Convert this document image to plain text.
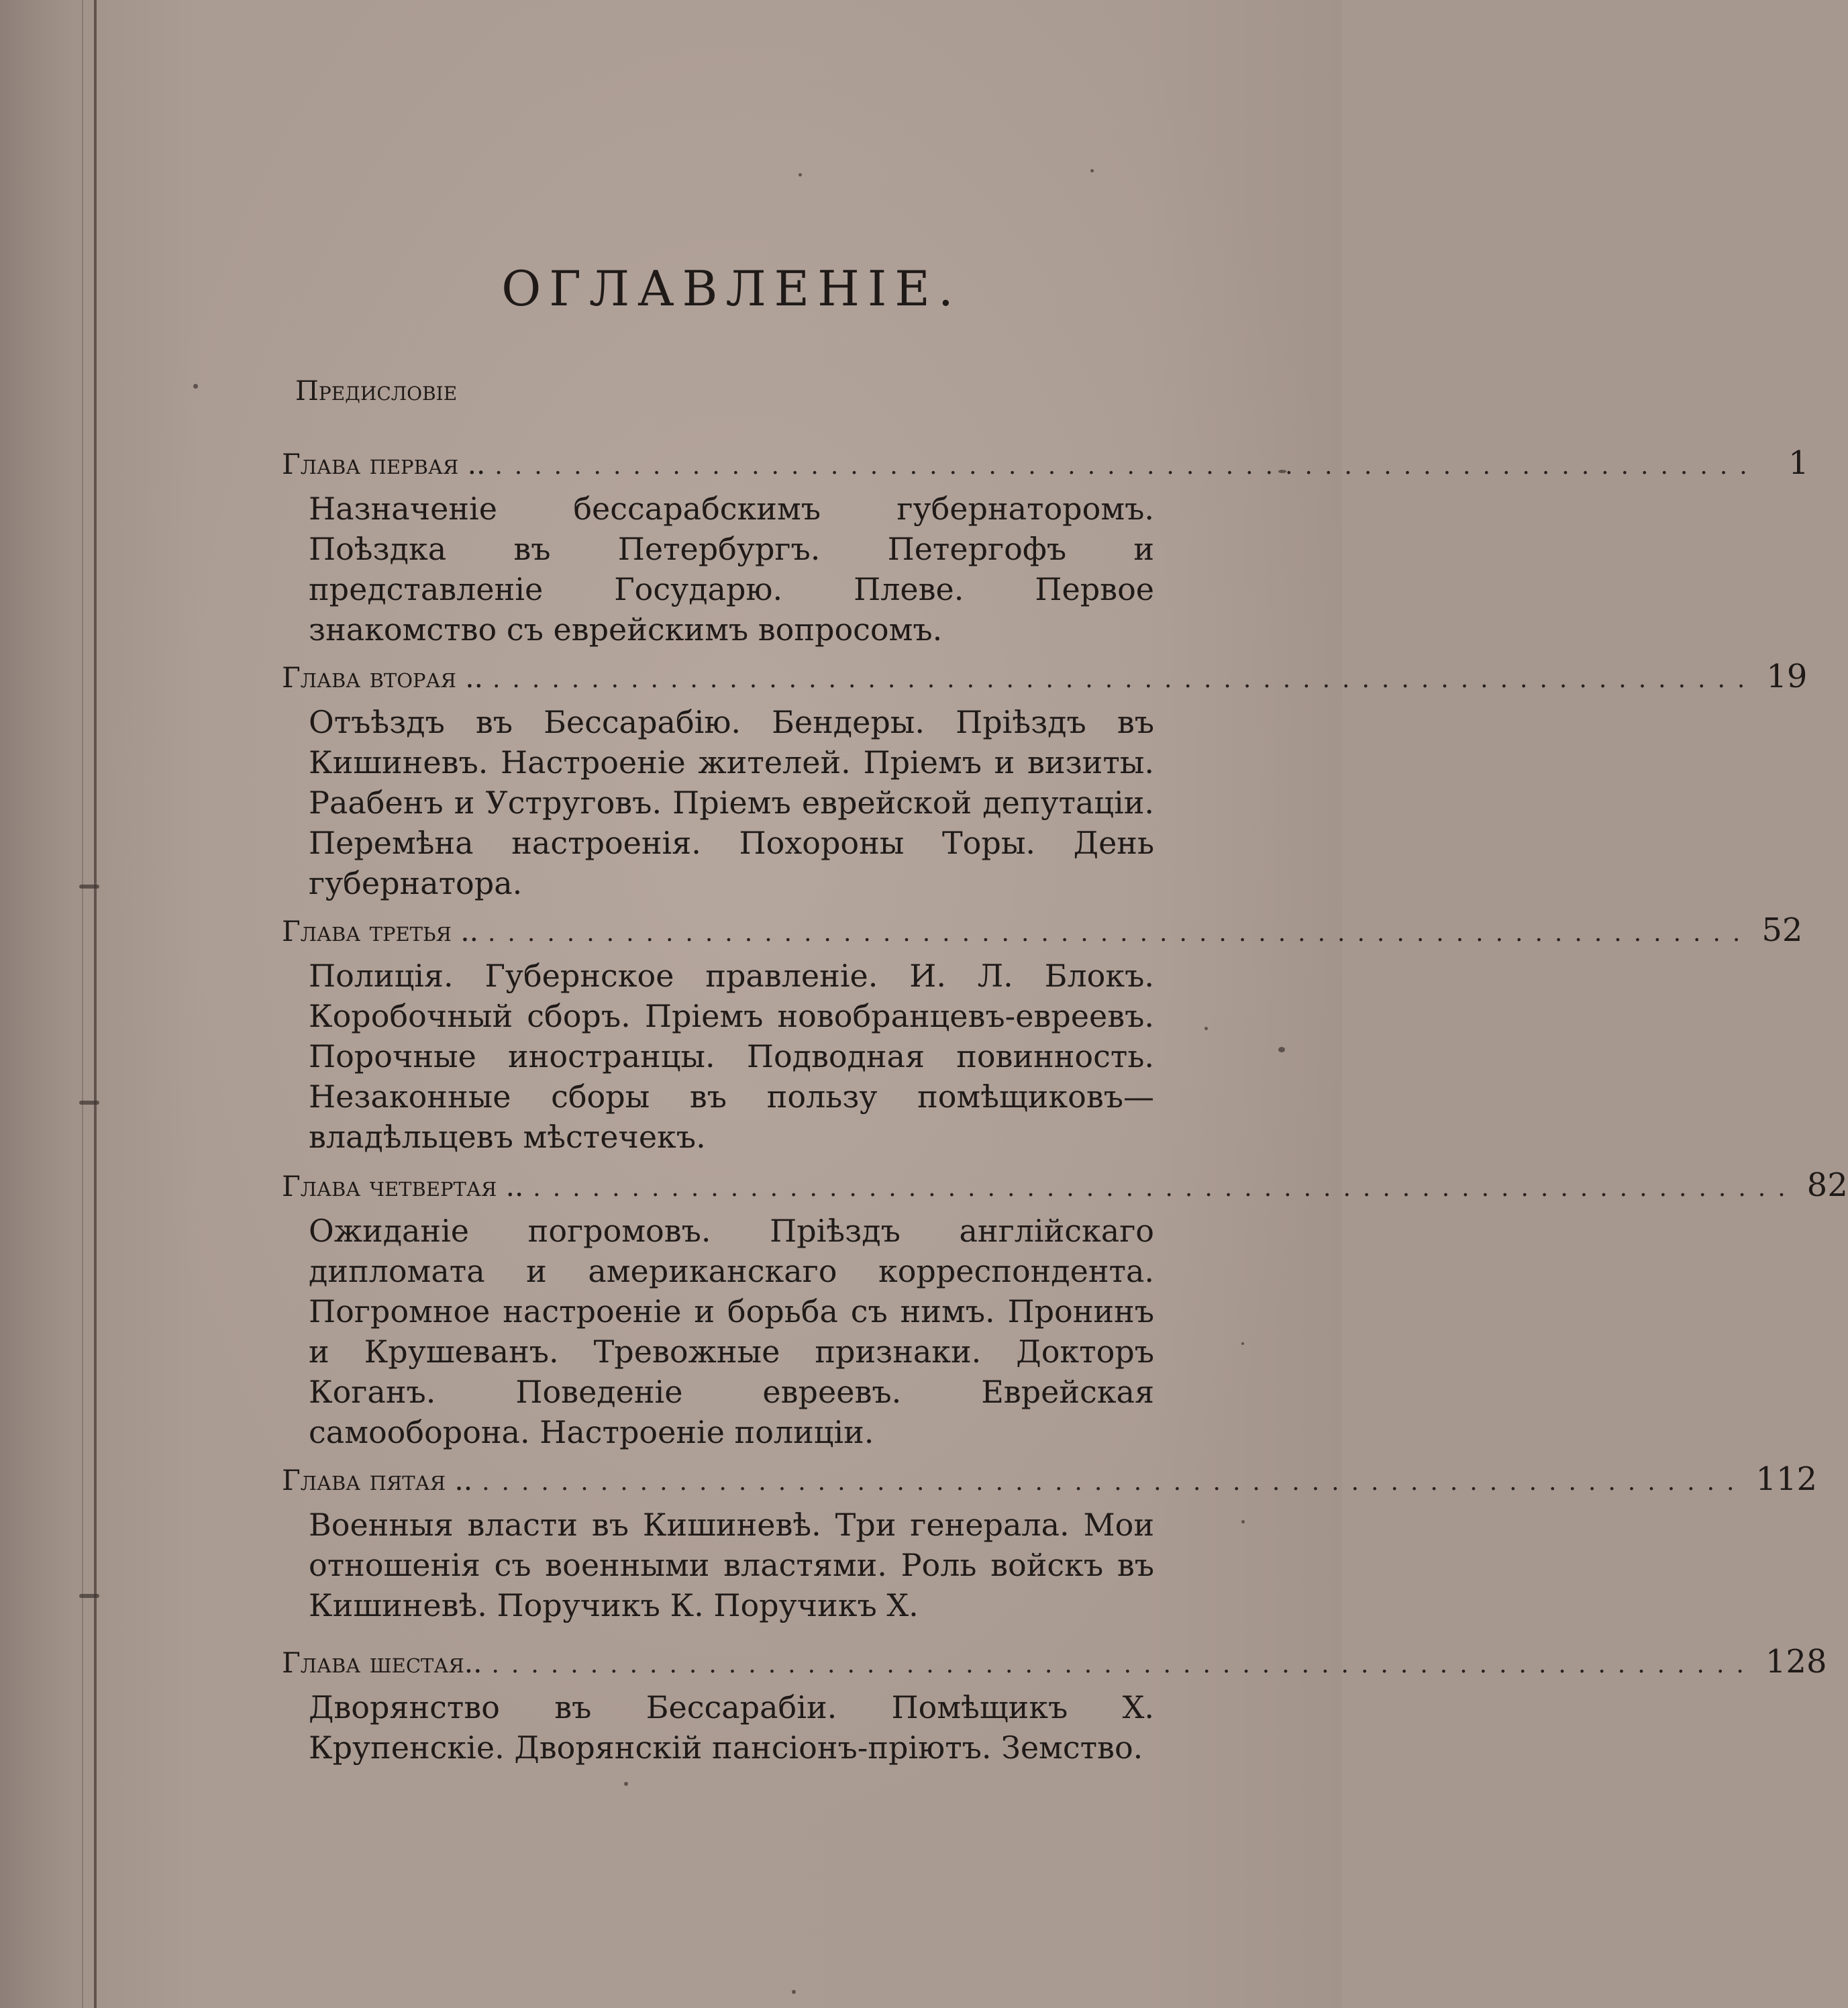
ОГЛАВЛЕНІЕ.
Предисловіе
Глава первая .. ................................................................ 1
Назначеніе бессарабскимъ губернаторомъ. Поѣздка въ Петербургъ. Петергофъ и представленіе Государю. Плеве. Первое знакомство съ еврейскимъ вопросомъ.
Глава вторая .. ................................................................ 19
Отъѣздъ въ Бессарабію. Бендеры. Пріѣздъ въ Кишиневъ. Настроеніе жителей. Пріемъ и визиты. Раабенъ и Уструговъ. Пріемъ еврейской депутаціи. Перемѣна настроенія. Похороны Торы. День губернатора.
Глава третья .. ................................................................ 52
Полиція. Губернское правленіе. И. Л. Блокъ. Коробочный сборъ. Пріемъ новобранцевъ-евреевъ. Порочные иностранцы. Подводная повинность. Незаконные сборы въ пользу помѣщиковъ—владѣльцевъ мѣстечекъ.
Глава четвертая .. ................................................................ 82
Ожиданіе погромовъ. Пріѣздъ англійскаго дипломата и американскаго корреспондента. Погромное настроеніе и борьба съ нимъ. Пронинъ и Крушеванъ. Тревожные признаки. Докторъ Коганъ. Поведеніе евреевъ. Еврейская самооборона. Настроеніе полиціи.
Глава пятая .. ................................................................ 112
Военныя власти въ Кишиневѣ. Три генерала. Мои отношенія съ военными властями. Роль войскъ въ Кишиневѣ. Поручикъ К. Поручикъ Х.
Глава шестая.. ................................................................ 128
Дворянство въ Бессарабіи. Помѣщикъ Х. Крупенскіе. Дворянскій пансіонъ-пріютъ. Земство.
